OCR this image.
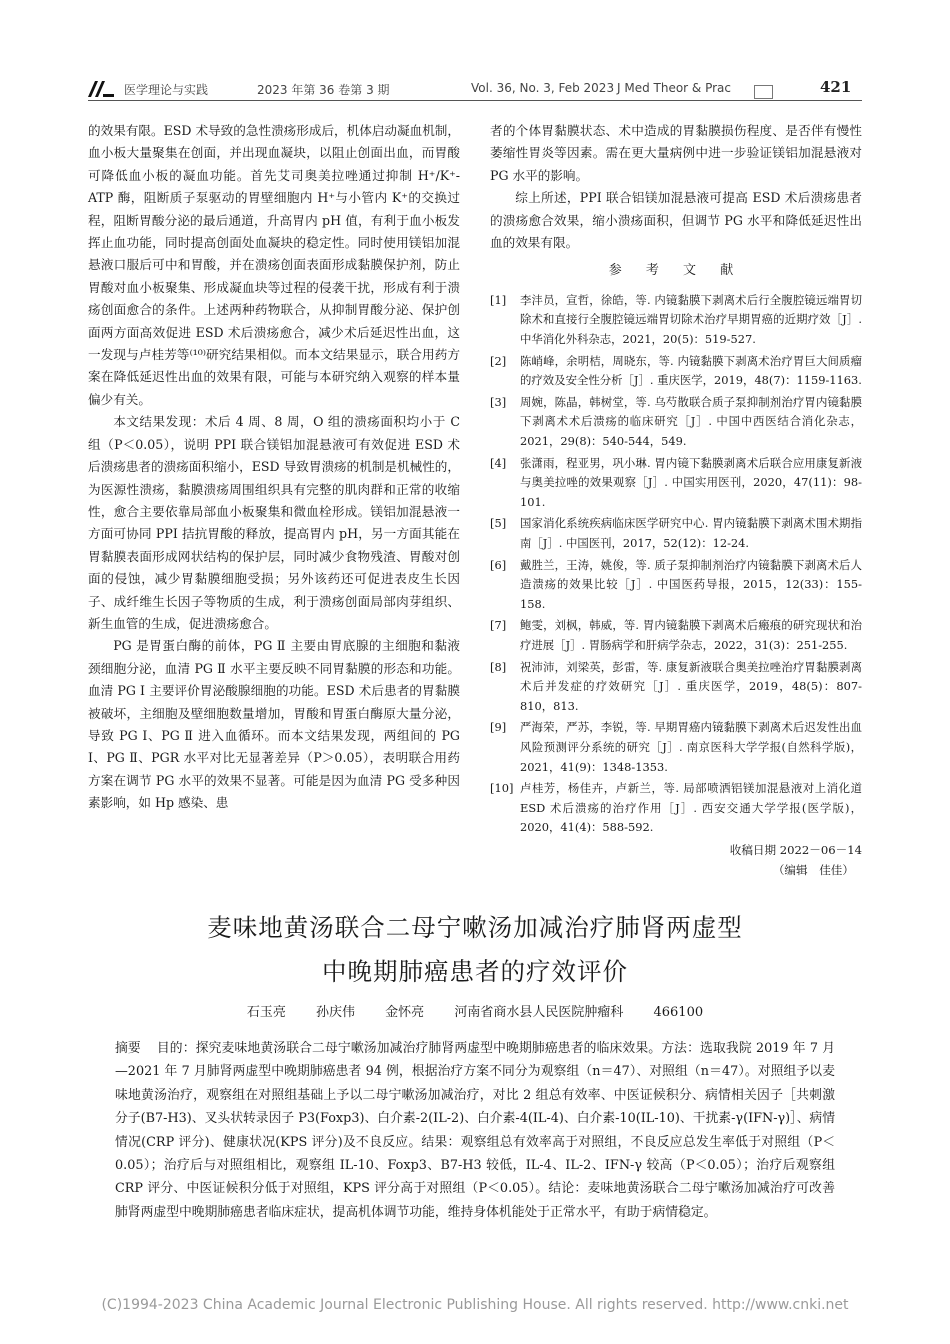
医学理论与实践	2023 年第 36 卷第 3 期	Vol. 36, No. 3, Feb 2023 J Med Theor & Prac	421

的效果有限。ESD 术导致的急性溃疡形成后，机体启动凝血机制，血小板大量聚集在创面，并出现血凝块，以阻止创面出血，而胃酸可降低血小板的凝血功能。首先艾司奥美拉唑通过抑制 H⁺/K⁺-ATP 酶，阻断质子泵驱动的胃壁细胞内 H⁺与小管内 K⁺的交换过程，阻断胃酸分泌的最后通道，升高胃内 pH 值，有利于血小板发挥止血功能，同时提高创面处血凝块的稳定性。同时使用镁铝加混悬液口服后可中和胃酸，并在溃疡创面表面形成黏膜保护剂，防止胃酸对血小板聚集、形成凝血块等过程的侵袭干扰，形成有利于溃疡创面愈合的条件。上述两种药物联合，从抑制胃酸分泌、保护创面两方面高效促进 ESD 术后溃疡愈合，减少术后延迟性出血，这一发现与卢桂芳等⁽¹⁰⁾研究结果相似。而本文结果显示，联合用药方案在降低延迟性出血的效果有限，可能与本研究纳入观察的样本量偏少有关。

本文结果发现：术后 4 周、8 周，O 组的溃疡面积均小于 C 组（P＜0.05），说明 PPI 联合镁铝加混悬液可有效促进 ESD 术后溃疡患者的溃疡面积缩小，ESD 导致胃溃疡的机制是机械性的，为医源性溃疡，黏膜溃疡周围组织具有完整的肌肉群和正常的收缩性，愈合主要依靠局部血小板聚集和微血栓形成。镁铝加混悬液一方面可协同 PPI 拮抗胃酸的释放，提高胃内 pH，另一方面其能在胃黏膜表面形成网状结构的保护层，同时减少食物残渣、胃酸对创面的侵蚀，减少胃黏膜细胞受损；另外该药还可促进表皮生长因子、成纤维生长因子等物质的生成，利于溃疡创面局部肉芽组织、新生血管的生成，促进溃疡愈合。

PG 是胃蛋白酶的前体，PG Ⅱ 主要由胃底腺的主细胞和黏液颈细胞分泌，血清 PG Ⅱ 水平主要反映不同胃黏膜的形态和功能。血清 PG Ⅰ 主要评价胃泌酸腺细胞的功能。ESD 术后患者的胃黏膜被破坏，主细胞及壁细胞数量增加，胃酸和胃蛋白酶原大量分泌，导致 PG Ⅰ、PG Ⅱ 进入血循环。而本文结果发现，两组间的 PG Ⅰ、PG Ⅱ、PGR 水平对比无显著差异（P＞0.05），表明联合用药方案在调节 PG 水平的效果不显著。可能是因为血清 PG 受多种因素影响，如 Hp 感染、患

者的个体胃黏膜状态、术中造成的胃黏膜损伤程度、是否伴有慢性萎缩性胃炎等因素。需在更大量病例中进一步验证镁铝加混悬液对 PG 水平的影响。

综上所述，PPI 联合铝镁加混悬液可提高 ESD 术后溃疡患者的溃疡愈合效果，缩小溃疡面积，但调节 PG 水平和降低延迟性出血的效果有限。

参 考 文 献
[1]	李沣员，宣哲，徐皓，等. 内镜黏膜下剥离术后行全腹腔镜远端胃切除术和直接行全腹腔镜远端胃切除术治疗早期胃癌的近期疗效［J］. 中华消化外科杂志，2021，20(5)：519-527.
[2]	陈峭峰，余明桔，周晓东，等. 内镜黏膜下剥离术治疗胃巨大间质瘤的疗效及安全性分析［J］. 重庆医学，2019，48(7)：1159-1163.
[3]	周婉，陈晶，韩树堂，等. 乌芍散联合质子泵抑制剂治疗胃内镜黏膜下剥离术术后溃疡的临床研究［J］. 中国中西医结合消化杂志，2021，29(8)：540-544，549.
[4]	张潇雨，程亚男，巩小琳. 胃内镜下黏膜剥离术后联合应用康复新液与奥美拉唑的效果观察［J］. 中国实用医刊，2020，47(11)：98-101.
[5]	国家消化系统疾病临床医学研究中心. 胃内镜黏膜下剥离术围术期指南［J］. 中国医刊，2017，52(12)：12-24.
[6]	戴胜兰，王涛，姚俊，等. 质子泵抑制剂治疗内镜黏膜下剥离术后人造溃疡的效果比较［J］. 中国医药导报，2015，12(33)：155-158.
[7]	鲍雯，刘枫，韩威，等. 胃内镜黏膜下剥离术后瘢痕的研究现状和治疗进展［J］. 胃肠病学和肝病学杂志，2022，31(3)：251-255.
[8]	祝沛沛，刘梁英，彭雷，等. 康复新液联合奥美拉唑治疗胃黏膜剥离术后并发症的疗效研究［J］. 重庆医学，2019，48(5)：807-810，813.
[9]	严海荣，严苏，李锐，等. 早期胃癌内镜黏膜下剥离术后迟发性出血风险预测评分系统的研究［J］. 南京医科大学学报(自然科学版)，2021，41(9)：1348-1353.
[10] 卢桂芳，杨佳卉，卢新兰，等. 局部喷洒铝镁加混悬液对上消化道 ESD 术后溃疡的治疗作用［J］. 西安交通大学学报(医学版)，2020，41(4)：588-592.
收稿日期 2022－06－14
（编辑　佳佳）
麦味地黄汤联合二母宁嗽汤加减治疗肺肾两虚型
中晚期肺癌患者的疗效评价
石玉亮 孙庆伟 金怀亮 河南省商水县人民医院肿瘤科 466100
摘要 目的：探究麦味地黄汤联合二母宁嗽汤加减治疗肺肾两虚型中晚期肺癌患者的临床效果。方法：选取我院 2019 年 7 月—2021 年 7 月肺肾两虚型中晚期肺癌患者 94 例，根据治疗方案不同分为观察组（n＝47）、对照组（n＝47）。对照组予以麦味地黄汤治疗，观察组在对照组基础上予以二母宁嗽汤加减治疗，对比 2 组总有效率、中医证候积分、病情相关因子［共刺激分子(B7-H3)、叉头状转录因子 P3(Foxp3)、白介素-2(IL-2)、白介素-4(IL-4)、白介素-10(IL-10)、干扰素-γ(IFN-γ)］、病情情况(CRP 评分)、健康状况(KPS 评分)及不良反应。结果：观察组总有效率高于对照组，不良反应总发生率低于对照组（P＜0.05）；治疗后与对照组相比，观察组 IL-10、Foxp3、B7-H3 较低，IL-4、IL-2、IFN-γ 较高（P＜0.05）；治疗后观察组 CRP 评分、中医证候积分低于对照组，KPS 评分高于对照组（P＜0.05）。结论：麦味地黄汤联合二母宁嗽汤加减治疗可改善肺肾两虚型中晚期肺癌患者临床症状，提高机体调节功能，维持身体机能处于正常水平，有助于病情稳定。
(C)1994-2023 China Academic Journal Electronic Publishing House. All rights reserved. http://www.cnki.net
